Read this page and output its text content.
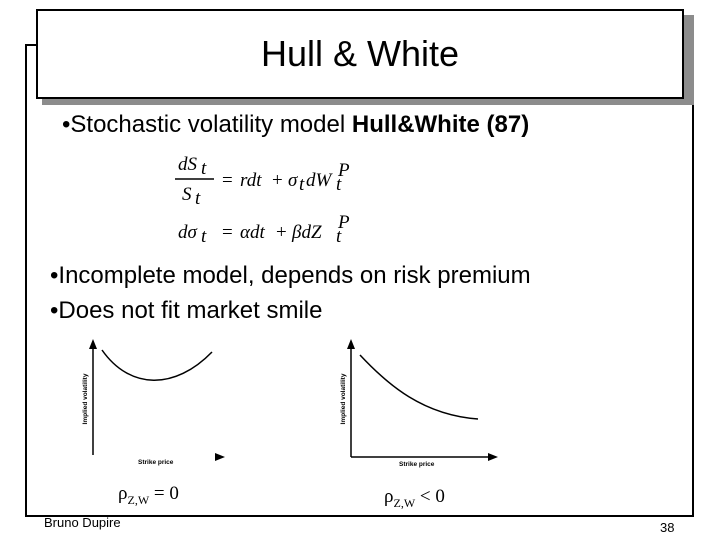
Hull & White
•Stochastic volatility model Hull&White (87)
dS t
S t
= rdt + σ t dW t
P
dσ t = αdt + βdZ t
P
•Incomplete model, depends on risk premium
•Does not fit market smile
Implied volatility
Strike price
Implied volatility
Strike price
$\rho_{Z,W} = 0$	$\rho_{Z,W} < 0$
Bruno Dupire	38
